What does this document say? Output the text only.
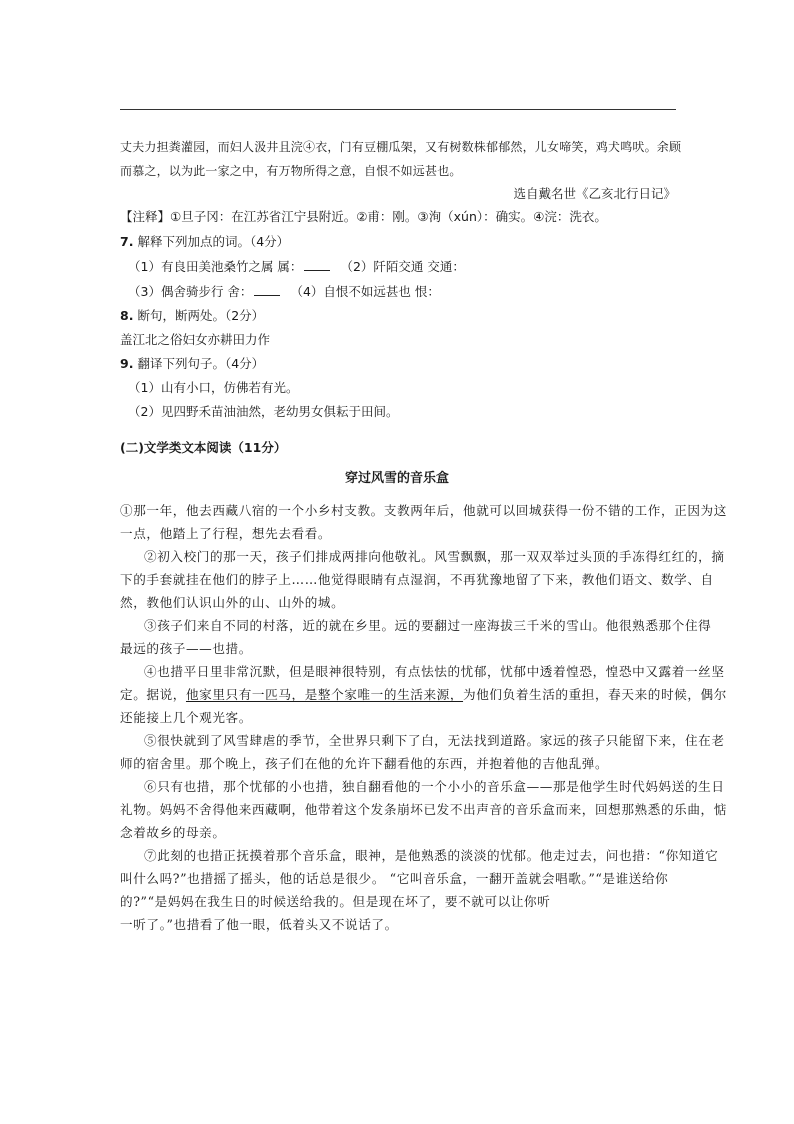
丈夫力担粪灌园，而妇人汲井且浣④衣，门有豆棚瓜架，又有树数株郁郁然，儿女啼笑，鸡犬鸣吠。余顾
而慕之，以为此一家之中，有万物所得之意，自恨不如远甚也。
选自戴名世《乙亥北行日记》
【注释】①旦子冈：在江苏省江宁县附近。②甫：刚。③洵（xún）：确实。④浣：洗衣。
7. 解释下列加点的词。（4分）
（1）有良田美池桑竹之属 属：	（2）阡陌交通 交通：
（3）偶舍骑步行 舍：	（4）自恨不如远甚也 恨：
8. 断句，断两处。（2分）
盖江北之俗妇女亦耕田力作
9. 翻译下列句子。（4分）
（1）山有小口，仿佛若有光。
（2）见四野禾苗油油然，老幼男女俱耘于田间。
(二)文学类文本阅读（11分）
穿过风雪的音乐盒
①那一年，他去西藏八宿的一个小乡村支教。支教两年后，他就可以回城获得一份不错的工作，正因为这
一点，他踏上了行程，想先去看看。
②初入校门的那一天，孩子们排成两排向他敬礼。风雪飘飘，那一双双举过头顶的手冻得红红的，摘
下的手套就挂在他们的脖子上……他觉得眼睛有点湿润，不再犹豫地留了下来，教他们语文、数学、自
然，教他们认识山外的山、山外的城。
③孩子们来自不同的村落，近的就在乡里。远的要翻过一座海拔三千米的雪山。他很熟悉那个住得
最远的孩子——也措。
④也措平日里非常沉默，但是眼神很特别，有点怯怯的忧郁，忧郁中透着惶恐，惶恐中又露着一丝坚
定。据说，他家里只有一匹马，是整个家唯一的生活来源，为他们负着生活的重担，春天来的时候，偶尔
还能接上几个观光客。
⑤很快就到了风雪肆虐的季节，全世界只剩下了白，无法找到道路。家远的孩子只能留下来，住在老
师的宿舍里。那个晚上，孩子们在他的允许下翻看他的东西，并抱着他的吉他乱弹。
⑥只有也措，那个忧郁的小也措，独自翻看他的一个小小的音乐盒——那是他学生时代妈妈送的生日
礼物。妈妈不舍得他来西藏啊，他带着这个发条崩坏已发不出声音的音乐盒而来，回想那熟悉的乐曲，惦
念着故乡的母亲。
⑦此刻的也措正抚摸着那个音乐盒，眼神，是他熟悉的淡淡的忧郁。他走过去，问也措：“你知道它
叫什么吗?”也措摇了摇头，他的话总是很少。 “它叫音乐盒，一翻开盖就会唱歌。”“是谁送给你
的?”“是妈妈在我生日的时候送给我的。但是现在坏了，要不就可以让你听
一听了。”也措看了他一眼，低着头又不说话了。
